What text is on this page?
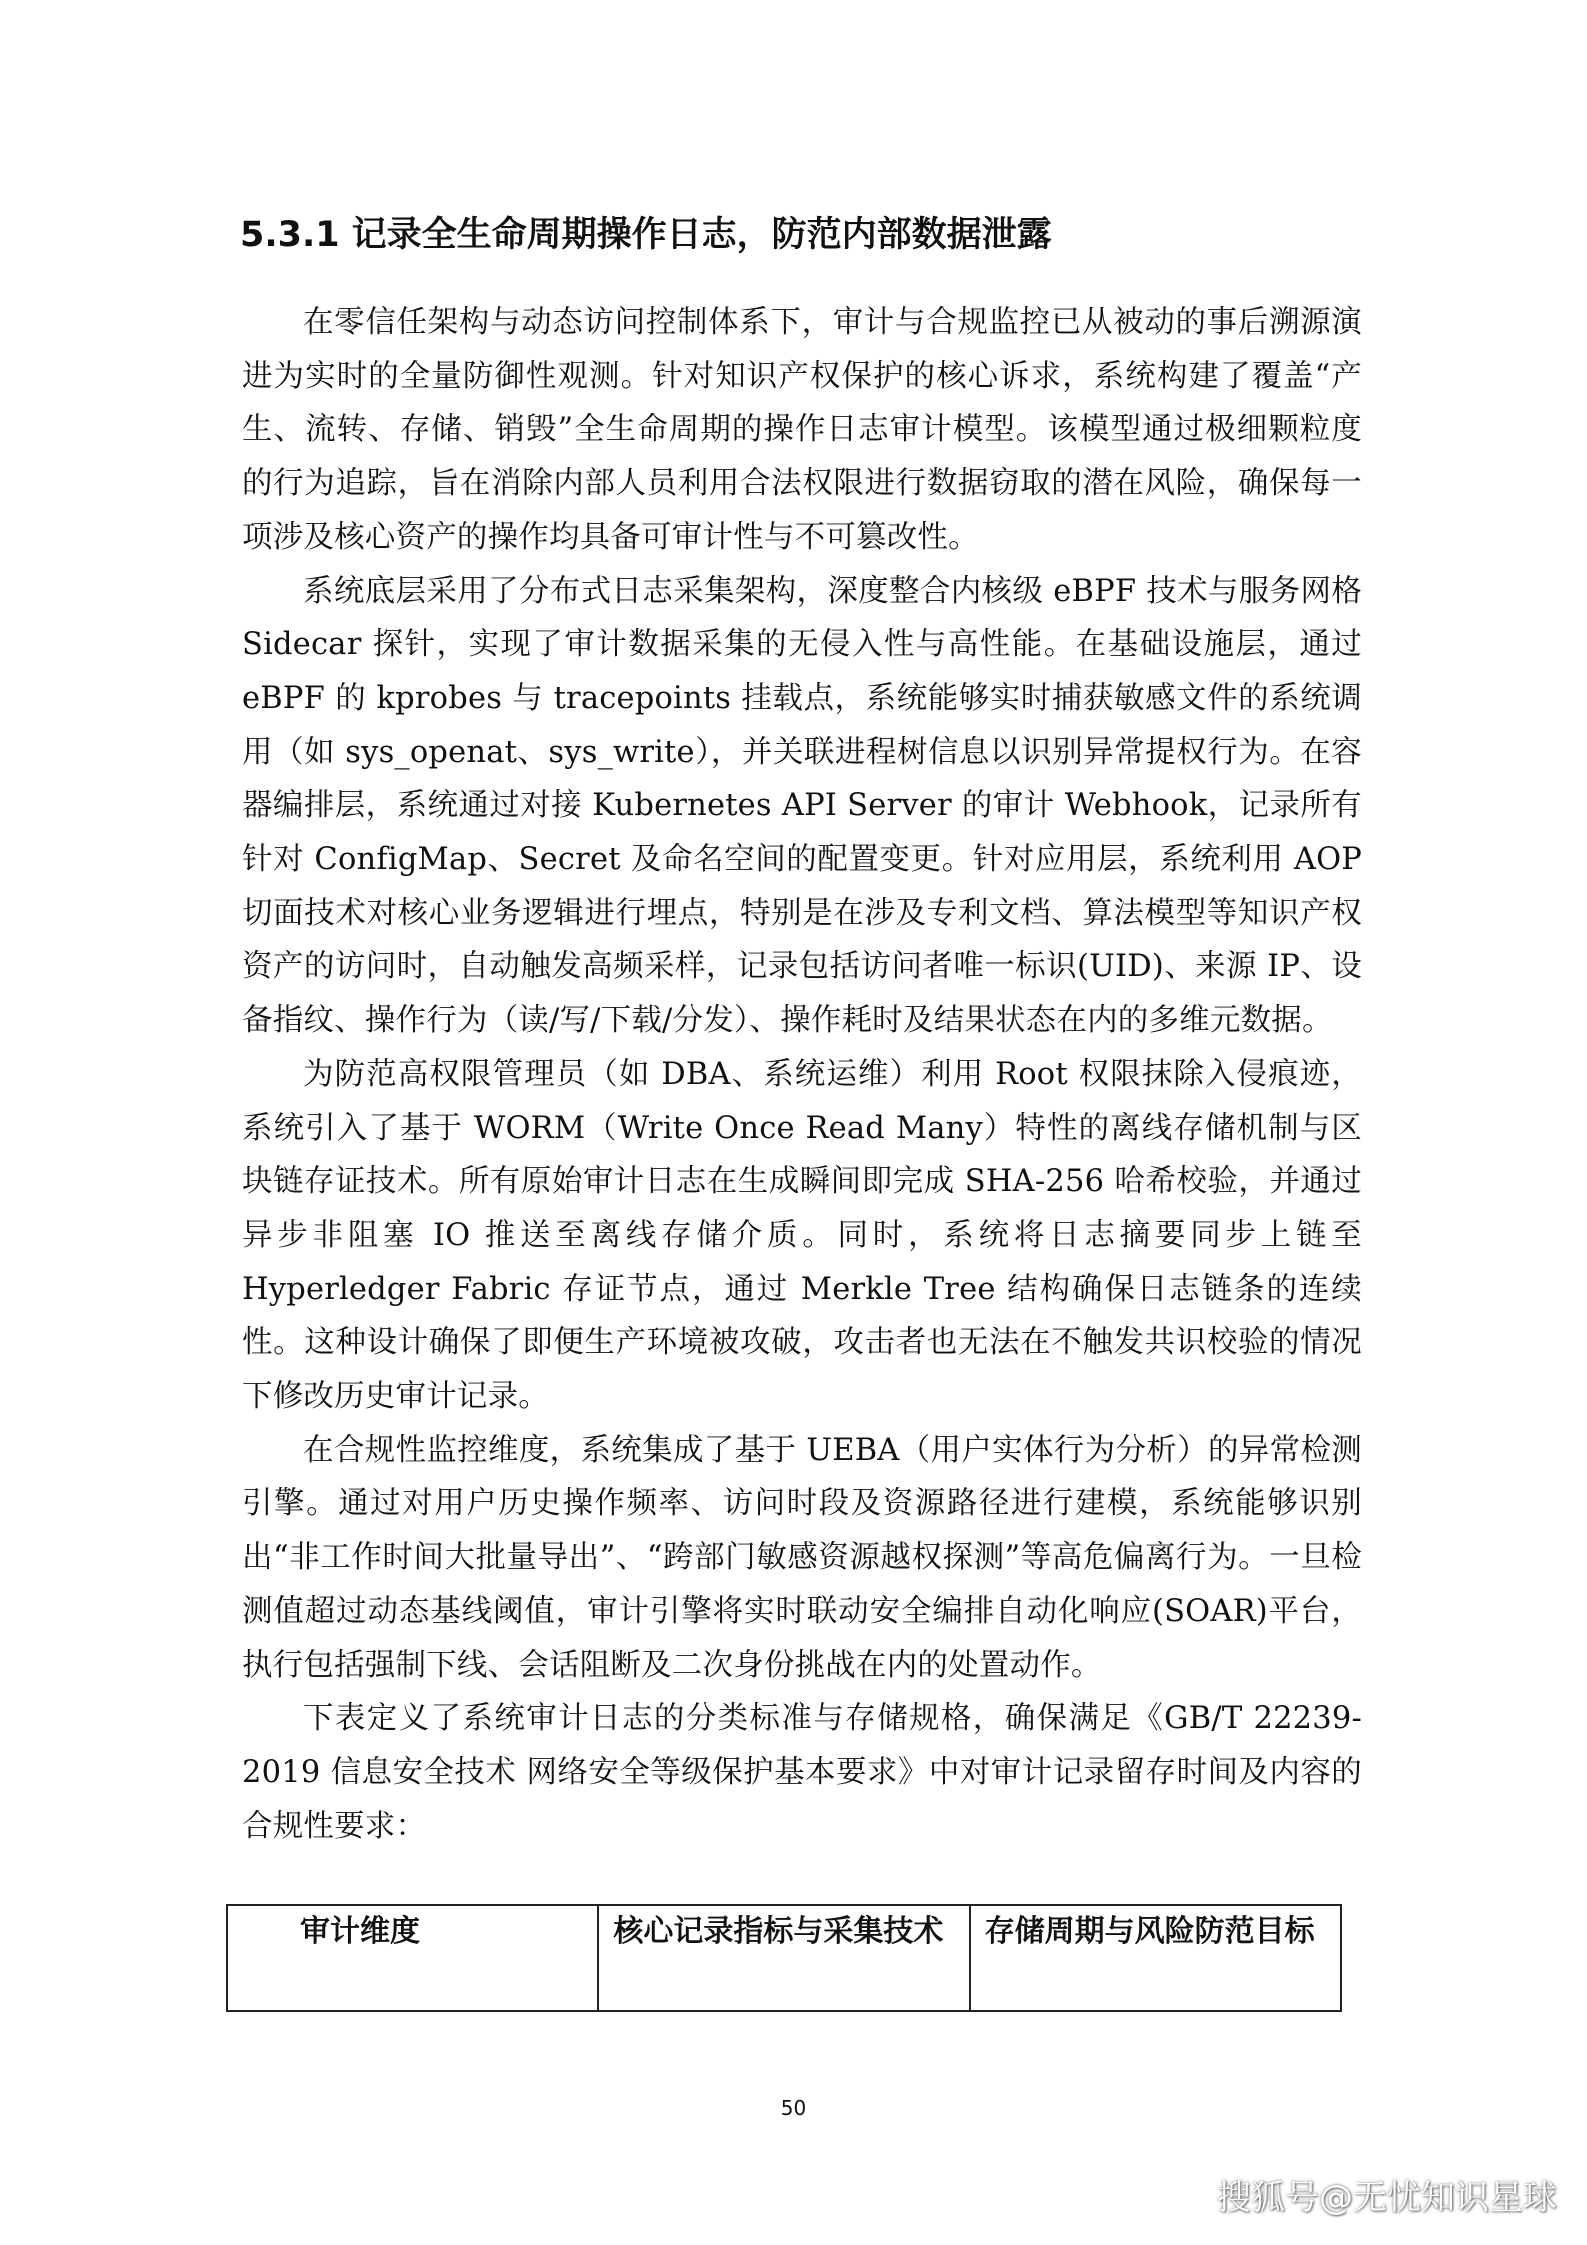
5.3.1 记录全生命周期操作日志，防范内部数据泄露

在零信任架构与动态访问控制体系下，审计与合规监控已从被动的事后溯源演进为实时的全量防御性观测。针对知识产权保护的核心诉求，系统构建了覆盖“产生、流转、存储、销毁”全生命周期的操作日志审计模型。该模型通过极细颗粒度的行为追踪，旨在消除内部人员利用合法权限进行数据窃取的潜在风险，确保每一项涉及核心资产的操作均具备可审计性与不可篡改性。

系统底层采用了分布式日志采集架构，深度整合内核级 eBPF 技术与服务网格 Sidecar 探针，实现了审计数据采集的无侵入性与高性能。在基础设施层，通过 eBPF 的 kprobes 与 tracepoints 挂载点，系统能够实时捕获敏感文件的系统调用（如 sys_openat、sys_write），并关联进程树信息以识别异常提权行为。在容器编排层，系统通过对接 Kubernetes API Server 的审计 Webhook，记录所有针对 ConfigMap、Secret 及命名空间的配置变更。针对应用层，系统利用 AOP 切面技术对核心业务逻辑进行埋点，特别是在涉及专利文档、算法模型等知识产权资产的访问时，自动触发高频采样，记录包括访问者唯一标识(UID)、来源 IP、设备指纹、操作行为（读/写/下载/分发）、操作耗时及结果状态在内的多维元数据。

为防范高权限管理员（如 DBA、系统运维）利用 Root 权限抹除入侵痕迹，系统引入了基于 WORM（Write Once Read Many）特性的离线存储机制与区块链存证技术。所有原始审计日志在生成瞬间即完成 SHA-256 哈希校验，并通过异步非阻塞 IO 推送至离线存储介质。同时，系统将日志摘要同步上链至 Hyperledger Fabric 存证节点，通过 Merkle Tree 结构确保日志链条的连续性。这种设计确保了即便生产环境被攻破，攻击者也无法在不触发共识校验的情况下修改历史审计记录。

在合规性监控维度，系统集成了基于 UEBA（用户实体行为分析）的异常检测引擎。通过对用户历史操作频率、访问时段及资源路径进行建模，系统能够识别出“非工作时间大批量导出”、“跨部门敏感资源越权探测”等高危偏离行为。一旦检测值超过动态基线阈值，审计引擎将实时联动安全编排自动化响应(SOAR)平台，执行包括强制下线、会话阻断及二次身份挑战在内的处置动作。

下表定义了系统审计日志的分类标准与存储规格，确保满足《GB/T 22239-2019 信息安全技术 网络安全等级保护基本要求》中对审计记录留存时间及内容的合规性要求：

审计维度	核心记录指标与采集技术	存储周期与风险防范目标
50
搜狐号@无忧知识星球
